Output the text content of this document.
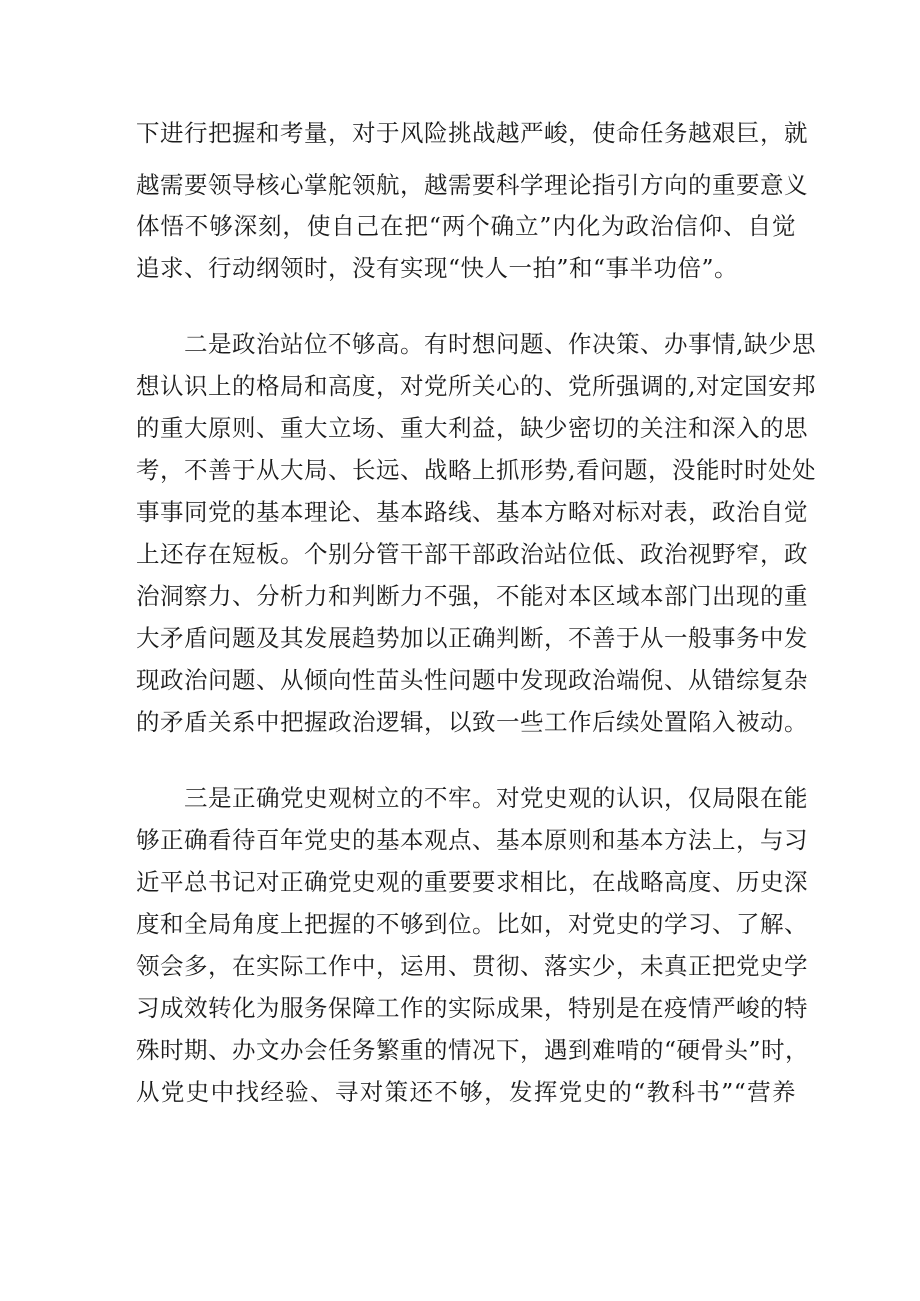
下进行把握和考量，对于风险挑战越严峻，使命任务越艰巨，就
越需要领导核心掌舵领航，越需要科学理论指引方向的重要意义
体悟不够深刻，使自己在把“两个确立”内化为政治信仰、自觉
追求、行动纲领时，没有实现“快人一拍”和“事半功倍”。
二是政治站位不够高。有时想问题、作决策、办事情,缺少思
想认识上的格局和高度，对党所关心的、党所强调的,对定国安邦
的重大原则、重大立场、重大利益，缺少密切的关注和深入的思
考，不善于从大局、长远、战略上抓形势,看问题，没能时时处处
事事同党的基本理论、基本路线、基本方略对标对表，政治自觉
上还存在短板。个别分管干部干部政治站位低、政治视野窄，政
治洞察力、分析力和判断力不强，不能对本区域本部门出现的重
大矛盾问题及其发展趋势加以正确判断，不善于从一般事务中发
现政治问题、从倾向性苗头性问题中发现政治端倪、从错综复杂
的矛盾关系中把握政治逻辑，以致一些工作后续处置陷入被动。
三是正确党史观树立的不牢。对党史观的认识，仅局限在能
够正确看待百年党史的基本观点、基本原则和基本方法上，与习
近平总书记对正确党史观的重要要求相比，在战略高度、历史深
度和全局角度上把握的不够到位。比如，对党史的学习、了解、
领会多，在实际工作中，运用、贯彻、落实少，未真正把党史学
习成效转化为服务保障工作的实际成果，特别是在疫情严峻的特
殊时期、办文办会任务繁重的情况下，遇到难啃的“硬骨头”时，
从党史中找经验、寻对策还不够，发挥党史的“教科书”“营养
